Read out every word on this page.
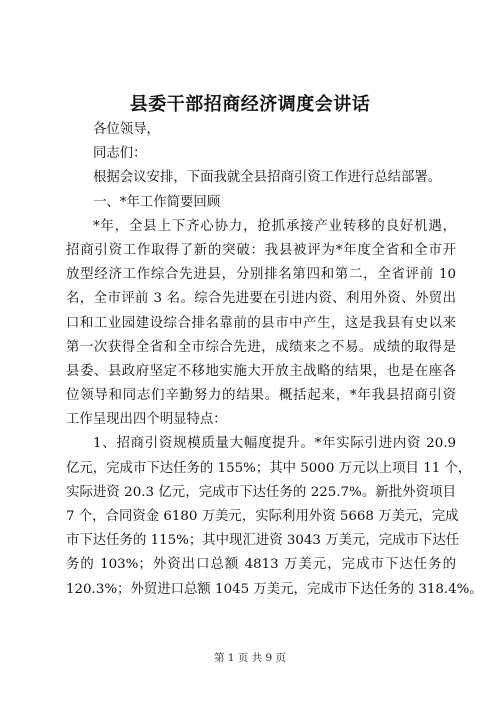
县委干部招商经济调度会讲话
各位领导，
同志们：
根据会议安排，下面我就全县招商引资工作进行总结部署。
一、*年工作简要回顾
*年，全县上下齐心协力，抢抓承接产业转移的良好机遇，
招商引资工作取得了新的突破：我县被评为*年度全省和全市开
放型经济工作综合先进县，分别排名第四和第二，全省评前 10
名，全市评前 3 名。综合先进要在引进内资、利用外资、外贸出
口和工业园建设综合排名靠前的县市中产生，这是我县有史以来
第一次获得全省和全市综合先进，成绩来之不易。成绩的取得是
县委、县政府坚定不移地实施大开放主战略的结果，也是在座各
位领导和同志们辛勤努力的结果。概括起来，*年我县招商引资
工作呈现出四个明显特点：
1、招商引资规模质量大幅度提升。*年实际引进内资 20.9
亿元，完成市下达任务的 155%；其中 5000 万元以上项目 11 个，
实际进资 20.3 亿元，完成市下达任务的 225.7%。新批外资项目
7 个，合同资金 6180 万美元，实际利用外资 5668 万美元，完成
市下达任务的 115%；其中现汇进资 3043 万美元，完成市下达任
务的 103%；外资出口总额 4813 万美元，完成市下达任务的
120.3%；外贸进口总额 1045 万美元，完成市下达任务的 318.4%。
第 1 页 共 9 页
